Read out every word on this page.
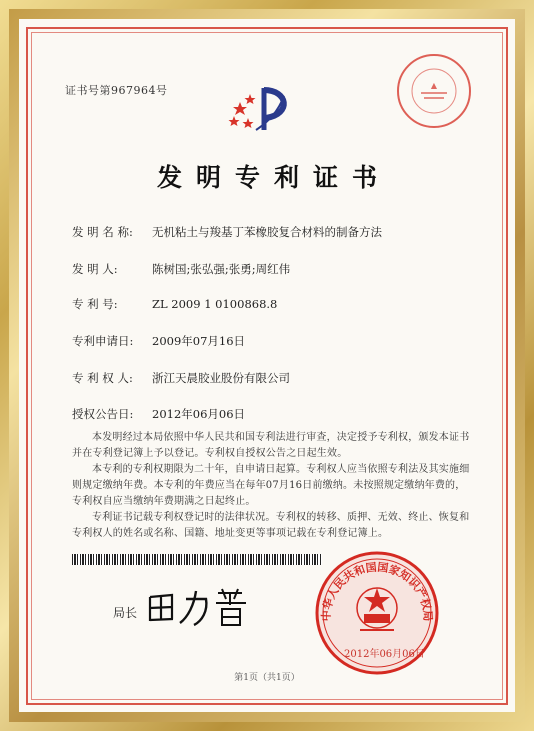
证书号第967964号	▲
发明专利证书
发 明 名 称: 无机粘土与羧基丁苯橡胶复合材料的制备方法
发 明 人:	陈树国;张弘强;张勇;周红伟
专 利 号:	ZL 2009 1 0100868.8
专利申请日: 2009年07月16日
专 利 权 人: 浙江天晨胶业股份有限公司
授权公告日: 2012年06月06日

本发明经过本局依照中华人民共和国专利法进行审查，决定授予专利权，颁发本证书并在专利登记簿上予以登记。专利权自授权公告之日起生效。

本专利的专利权期限为二十年，自申请日起算。专利权人应当依照专利法及其实施细则规定缴纳年费。本专利的年费应当在每年07月16日前缴纳。未按照规定缴纳年费的，专利权自应当缴纳年费期满之日起终止。

专利证书记载专利权登记时的法律状况。专利权的转移、质押、无效、终止、恢复和专利权人的姓名或名称、国籍、地址变更等事项记载在专利登记簿上。

局长	中华人民共和国国家知识产权局
2012年06月06日
第1页（共1页）
